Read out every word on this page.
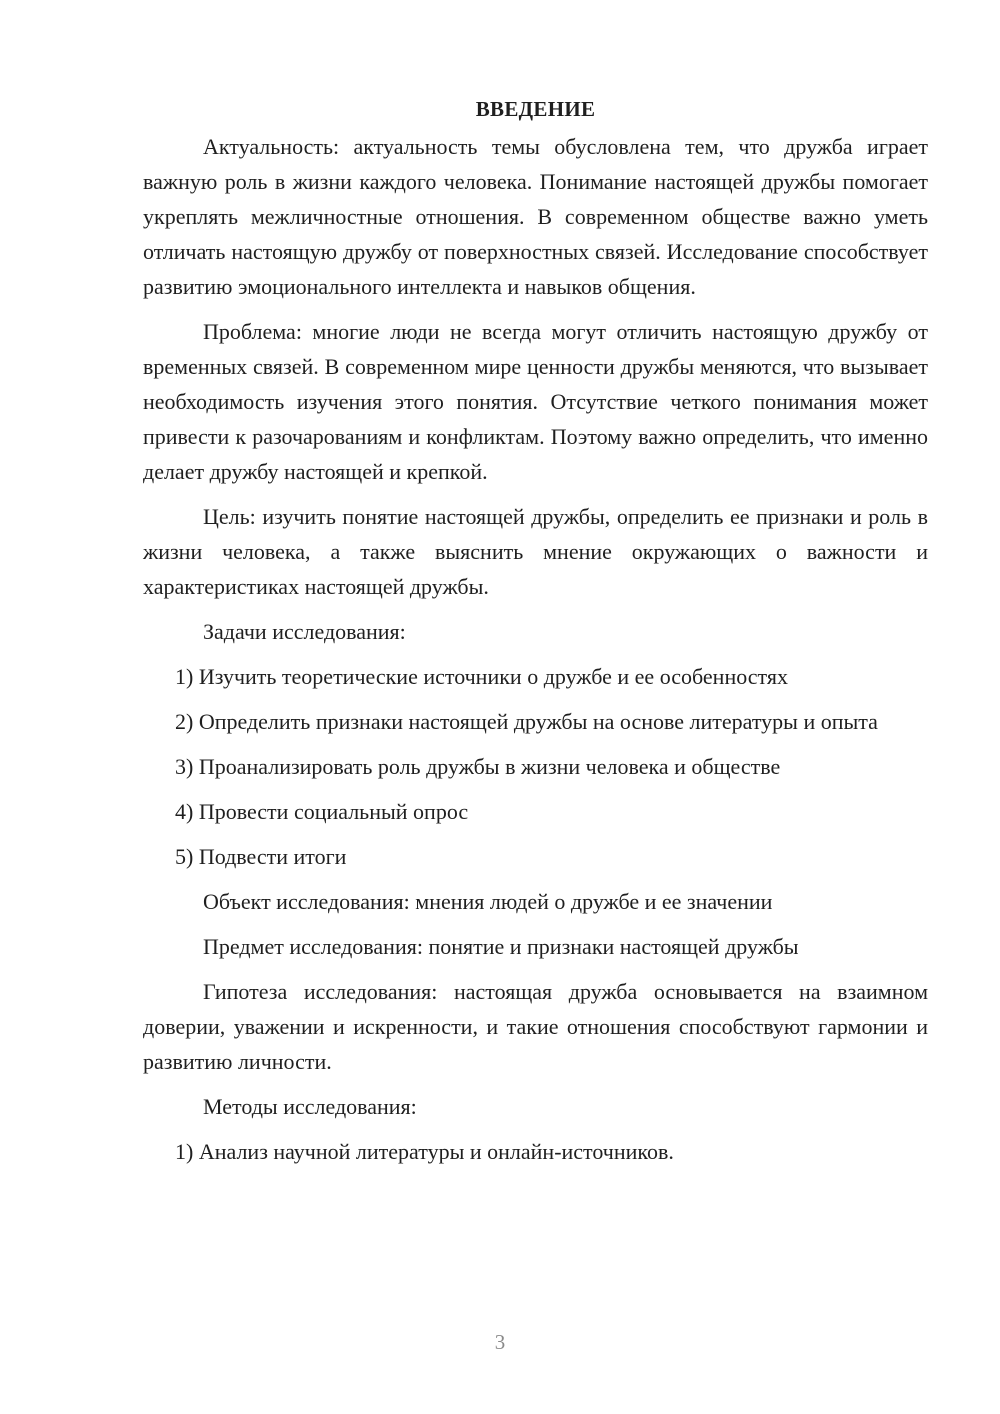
ВВЕДЕНИЕ

Актуальность: актуальность темы обусловлена тем, что дружба играет важную роль в жизни каждого человека. Понимание настоящей дружбы помогает укреплять межличностные отношения. В современном обществе важно уметь отличать настоящую дружбу от поверхностных связей. Исследование способствует развитию эмоционального интеллекта и навыков общения.

Проблема: многие люди не всегда могут отличить настоящую дружбу от временных связей. В современном мире ценности дружбы меняются, что вызывает необходимость изучения этого понятия. Отсутствие четкого понимания может привести к разочарованиям и конфликтам. Поэтому важно определить, что именно делает дружбу настоящей и крепкой.

Цель: изучить понятие настоящей дружбы, определить ее признаки и роль в жизни человека, а также выяснить мнение окружающих о важности и характеристиках настоящей дружбы.

Задачи исследования:

1) Изучить теоретические источники о дружбе и ее особенностях

2) Определить признаки настоящей дружбы на основе литературы и опыта

3) Проанализировать роль дружбы в жизни человека и обществе

4) Провести социальный опрос

5) Подвести итоги

Объект исследования: мнения людей о дружбе и ее значении

Предмет исследования: понятие и признаки настоящей дружбы

Гипотеза исследования: настоящая дружба основывается на взаимном доверии, уважении и искренности, и такие отношения способствуют гармонии и развитию личности.

Методы исследования:

1) Анализ научной литературы и онлайн-источников.

3
